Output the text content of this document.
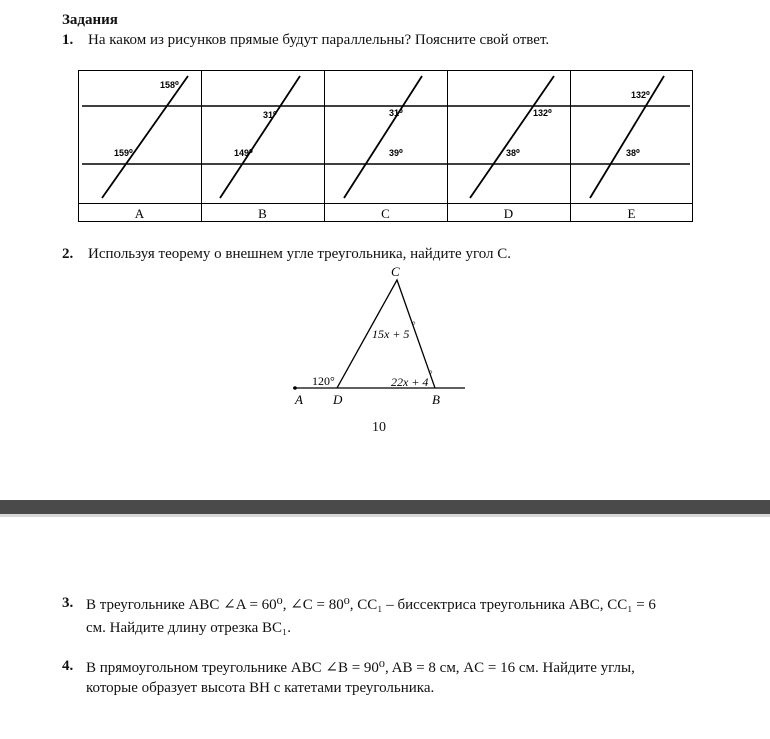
Задания
1. На каком из рисунков прямые будут параллельны? Поясните свой ответ.
158⁰
159⁰
A
31⁰
149⁰
B
31⁰
39⁰
C
132⁰
38⁰
D
132⁰
38⁰
E
2. Используя теорему о внешнем угле треугольника, найдите угол C.
C
A D	B
15x + 5
°
120°	22x + 4
°
10
3. В треугольнике АВС ∠A = 60⁰, ∠C = 80⁰, CC₁ – биссектриса треугольника ABC, CC₁ = 6
см. Найдите длину отрезка BC₁.
4. В прямоугольном треугольнике ABC ∠B = 90⁰, AB = 8 см, AC = 16 см. Найдите углы,
которые образует высота BH с катетами треугольника.
